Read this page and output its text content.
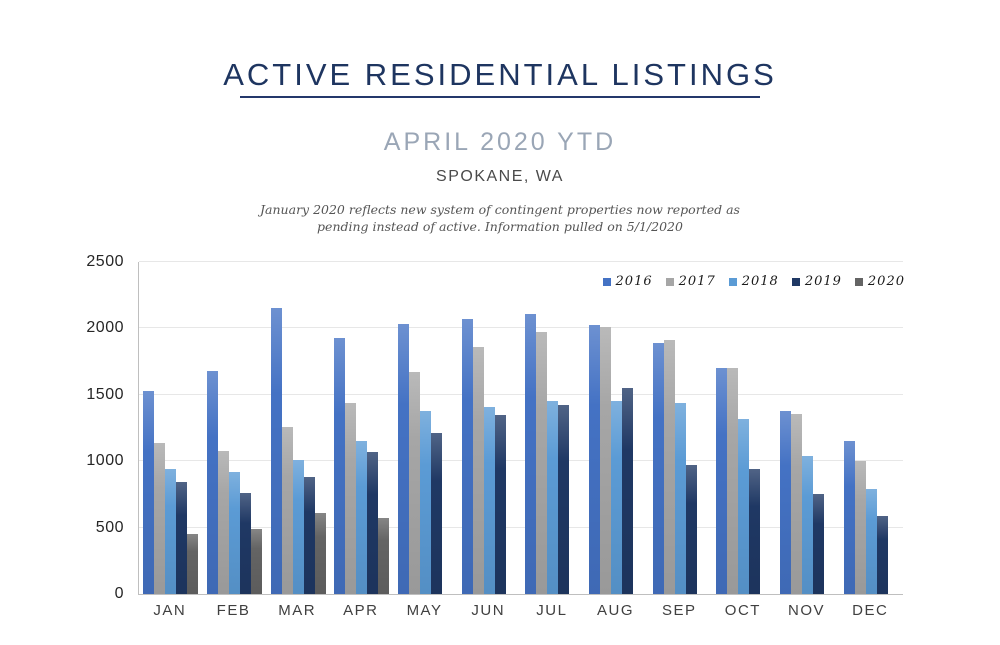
ACTIVE RESIDENTIAL LISTINGS
APRIL 2020 YTD
SPOKANE, WA

January 2020 reflects new system of contingent properties now reported as
pending instead of active. Information pulled on 5/1/2020

2016 2017 2018 2019 2020
0
500
1000
1500
2000
2500
JAN	FEB	MAR	APR	MAY	JUN	JUL	AUG	SEP	OCT	NOV	DEC
